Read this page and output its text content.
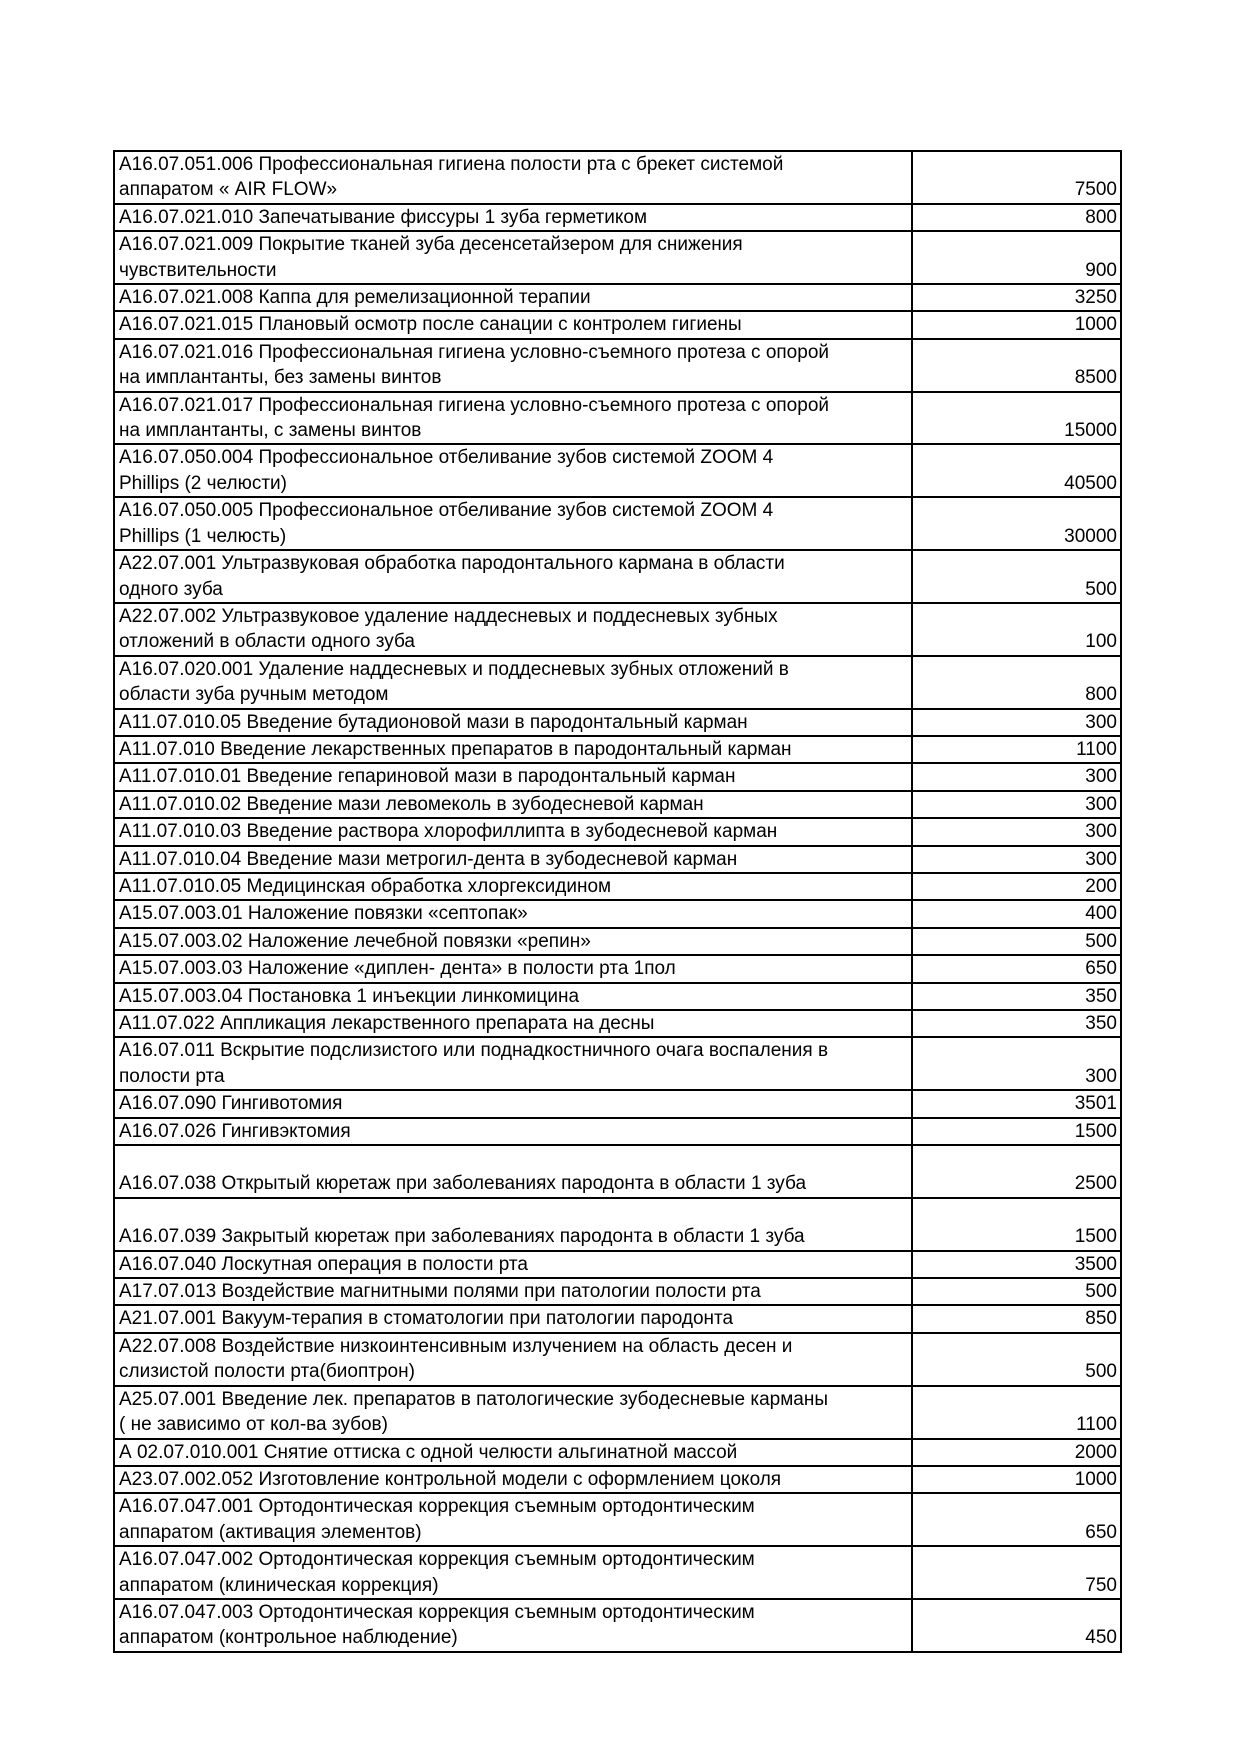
А16.07.051.006 Профессиональная гигиена полости рта с брекет системой
аппаратом « AIR FLOW»	7500
А16.07.021.010 Запечатывание фиссуры 1 зуба герметиком	800
А16.07.021.009 Покрытие тканей зуба десенсетайзером для снижения
чувствительности	900
А16.07.021.008 Каппа для ремелизационной терапии	3250
А16.07.021.015 Плановый осмотр после санации с контролем гигиены	1000
А16.07.021.016 Профессиональная гигиена условно-съемного протеза с опорой
на имплантанты, без замены винтов	8500
А16.07.021.017 Профессиональная гигиена условно-съемного протеза с опорой
на имплантанты, с замены винтов	15000
А16.07.050.004 Профессиональное отбеливание зубов системой ZOOM 4
Phillips (2 челюсти)	40500
А16.07.050.005 Профессиональное отбеливание зубов системой ZOOM 4
Phillips (1 челюсть)	30000
А22.07.001 Ультразвуковая обработка пародонтального кармана в области
одного зуба	500
А22.07.002 Ультразвуковое удаление наддесневых и поддесневых зубных
отложений в области одного зуба	100
А16.07.020.001 Удаление наддесневых и поддесневых зубных отложений в
области зуба ручным методом	800
А11.07.010.05 Введение бутадионовой мази в пародонтальный карман	300
А11.07.010 Введение лекарственных препаратов в пародонтальный карман	1100
А11.07.010.01 Введение гепариновой мази в пародонтальный карман	300
А11.07.010.02 Введение мази левомеколь в зубодесневой карман	300
А11.07.010.03 Введение раствора хлорофиллипта в зубодесневой карман	300
А11.07.010.04 Введение мази метрогил-дента в зубодесневой карман	300
А11.07.010.05 Медицинская обработка хлоргексидином	200
А15.07.003.01 Наложение повязки «септопак»	400
А15.07.003.02 Наложение лечебной повязки «репин»	500
А15.07.003.03 Наложение «диплен- дента» в полости рта 1пол	650
А15.07.003.04 Постановка 1 инъекции линкомицина	350
А11.07.022 Аппликация лекарственного препарата на десны	350
А16.07.011 Вскрытие подслизистого или поднадкостничного очага воспаления в
полости рта	300
А16.07.090 Гингивотомия	3501
А16.07.026 Гингивэктомия	1500

А16.07.038 Открытый кюретаж при заболеваниях пародонта в области 1 зуба	2500

А16.07.039 Закрытый кюретаж при заболеваниях пародонта в области 1 зуба	1500
А16.07.040 Лоскутная операция в полости рта	3500
А17.07.013 Воздействие магнитными полями при патологии полости рта	500
А21.07.001 Вакуум-терапия в стоматологии при патологии пародонта	850
А22.07.008 Воздействие низкоинтенсивным излучением на область десен и
слизистой полости рта(биоптрон)	500
А25.07.001 Введение лек. препаратов в патологические зубодесневые карманы
( не зависимо от кол-ва зубов)	1100
А 02.07.010.001 Снятие оттиска с одной челюсти альгинатной массой	2000
А23.07.002.052 Изготовление контрольной модели с оформлением цоколя	1000
А16.07.047.001 Ортодонтическая коррекция съемным ортодонтическим
аппаратом (активация элементов)	650
А16.07.047.002 Ортодонтическая коррекция съемным ортодонтическим
аппаратом (клиническая коррекция)	750
А16.07.047.003 Ортодонтическая коррекция съемным ортодонтическим
аппаратом (контрольное наблюдение)	450
